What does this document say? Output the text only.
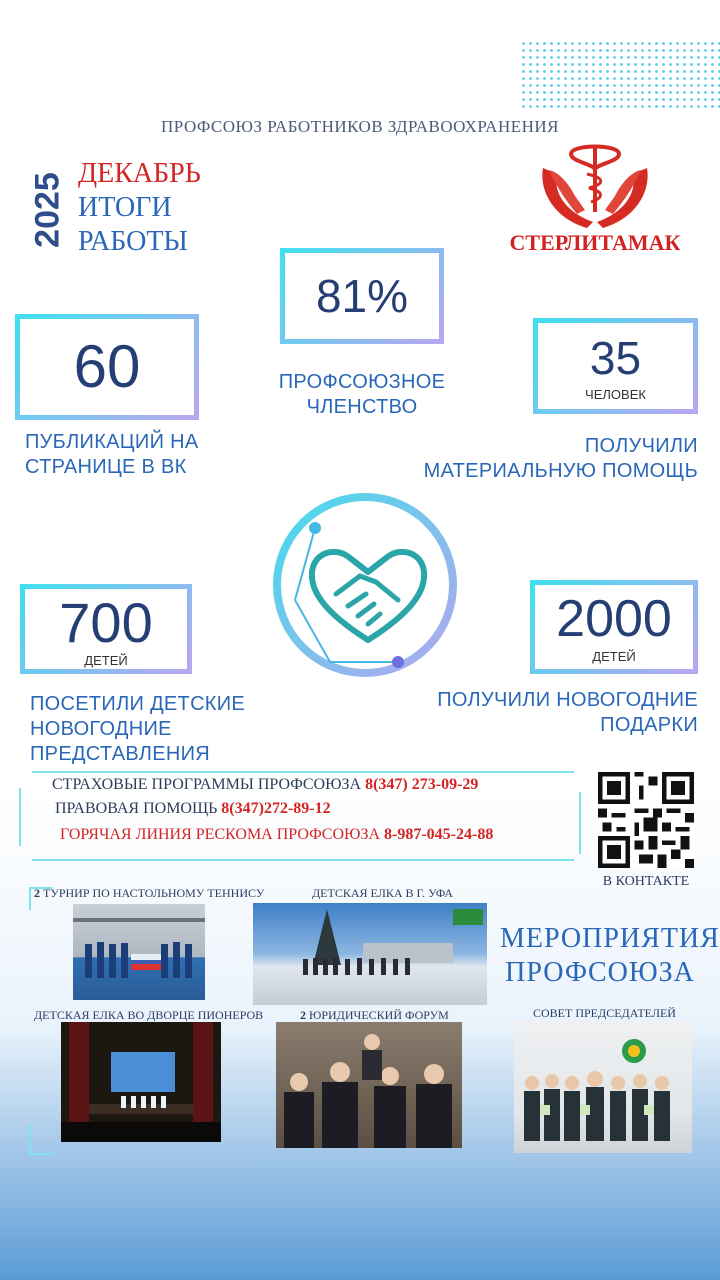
ПРОФСОЮЗ РАБОТНИКОВ ЗДРАВООХРАНЕНИЯ
2025 ДЕКАБРЬ
ИТОГИ
РАБОТЫ	СТЕРЛИТАМАК
81%
ПРОФСОЮЗНОЕ
ЧЛЕНСТВО
60
ПУБЛИКАЦИЙ НА
СТРАНИЦЕ В ВК
35
ЧЕЛОВЕК
ПОЛУЧИЛИ
МАТЕРИАЛЬНУЮ ПОМОЩЬ
700
ДЕТЕЙ
ПОСЕТИЛИ ДЕТСКИЕ
НОВОГОДНИЕ
ПРЕДСТАВЛЕНИЯ
2000
ДЕТЕЙ
ПОЛУЧИЛИ НОВОГОДНИЕ
ПОДАРКИ
СТРАХОВЫЕ ПРОГРАММЫ ПРОФСОЮЗА 8(347) 273-09-29
ПРАВОВАЯ ПОМОЩЬ 8(347)272-89-12
ГОРЯЧАЯ ЛИНИЯ РЕСКОМА ПРОФСОЮЗА 8-987-045-24-88
В КОНТАКТЕ
МЕРОПРИЯТИЯ
ПРОФСОЮЗА
2 ТУРНИР ПО НАСТОЛЬНОМУ ТЕННИСУ	ДЕТСКАЯ ЕЛКА В Г. УФА
ДЕТСКАЯ ЕЛКА ВО ДВОРЦЕ ПИОНЕРОВ	2 ЮРИДИЧЕСКИЙ ФОРУМ	СОВЕТ ПРЕДСЕДАТЕЛЕЙ
